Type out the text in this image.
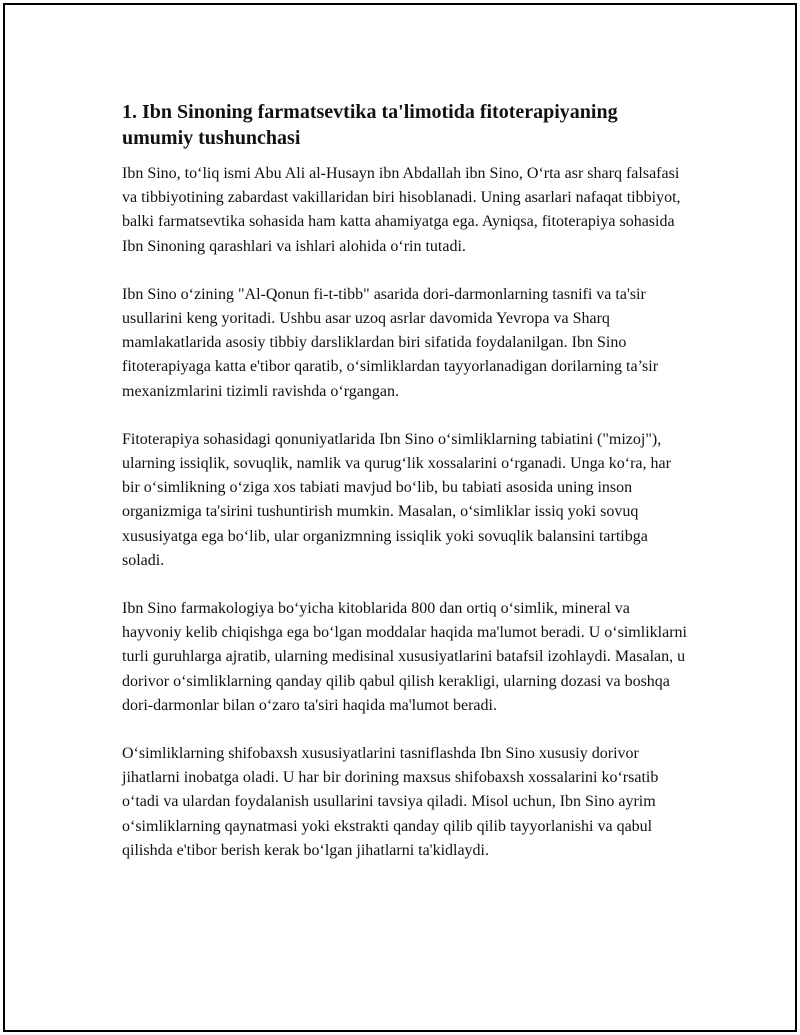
1. Ibn Sinoning farmatsevtika ta'limotida fitoterapiyaning umumiy tushunchasi

Ibn Sino, to‘liq ismi Abu Ali al-Husayn ibn Abdallah ibn Sino, O‘rta asr sharq falsafasi va tibbiyotining zabardast vakillaridan biri hisoblanadi. Uning asarlari nafaqat tibbiyot, balki farmatsevtika sohasida ham katta ahamiyatga ega. Ayniqsa, fitoterapiya sohasida Ibn Sinoning qarashlari va ishlari alohida o‘rin tutadi.

Ibn Sino o‘zining "Al-Qonun fi-t-tibb" asarida dori-darmonlarning tasnifi va ta'sir usullarini keng yoritadi. Ushbu asar uzoq asrlar davomida Yevropa va Sharq mamlakatlarida asosiy tibbiy darsliklardan biri sifatida foydalanilgan. Ibn Sino fitoterapiyaga katta e'tibor qaratib, o‘simliklardan tayyorlanadigan dorilarning ta’sir mexanizmlarini tizimli ravishda o‘rgangan.

Fitoterapiya sohasidagi qonuniyatlarida Ibn Sino o‘simliklarning tabiatini ("mizoj"), ularning issiqlik, sovuqlik, namlik va qurug‘lik xossalarini o‘rganadi. Unga ko‘ra, har bir o‘simlikning o‘ziga xos tabiati mavjud bo‘lib, bu tabiati asosida uning inson organizmiga ta'sirini tushuntirish mumkin. Masalan, o‘simliklar issiq yoki sovuq xususiyatga ega bo‘lib, ular organizmning issiqlik yoki sovuqlik balansini tartibga soladi.

Ibn Sino farmakologiya bo‘yicha kitoblarida 800 dan ortiq o‘simlik, mineral va hayvoniy kelib chiqishga ega bo‘lgan moddalar haqida ma'lumot beradi. U o‘simliklarni turli guruhlarga ajratib, ularning medisinal xususiyatlarini batafsil izohlaydi. Masalan, u dorivor o‘simliklarning qanday qilib qabul qilish kerakligi, ularning dozasi va boshqa dori-darmonlar bilan o‘zaro ta'siri haqida ma'lumot beradi.

O‘simliklarning shifobaxsh xususiyatlarini tasniflashda Ibn Sino xususiy dorivor jihatlarni inobatga oladi. U har bir dorining maxsus shifobaxsh xossalarini ko‘rsatib o‘tadi va ulardan foydalanish usullarini tavsiya qiladi. Misol uchun, Ibn Sino ayrim o‘simliklarning qaynatmasi yoki ekstrakti qanday qilib qilib tayyorlanishi va qabul qilishda e'tibor berish kerak bo‘lgan jihatlarni ta'kidlaydi.
